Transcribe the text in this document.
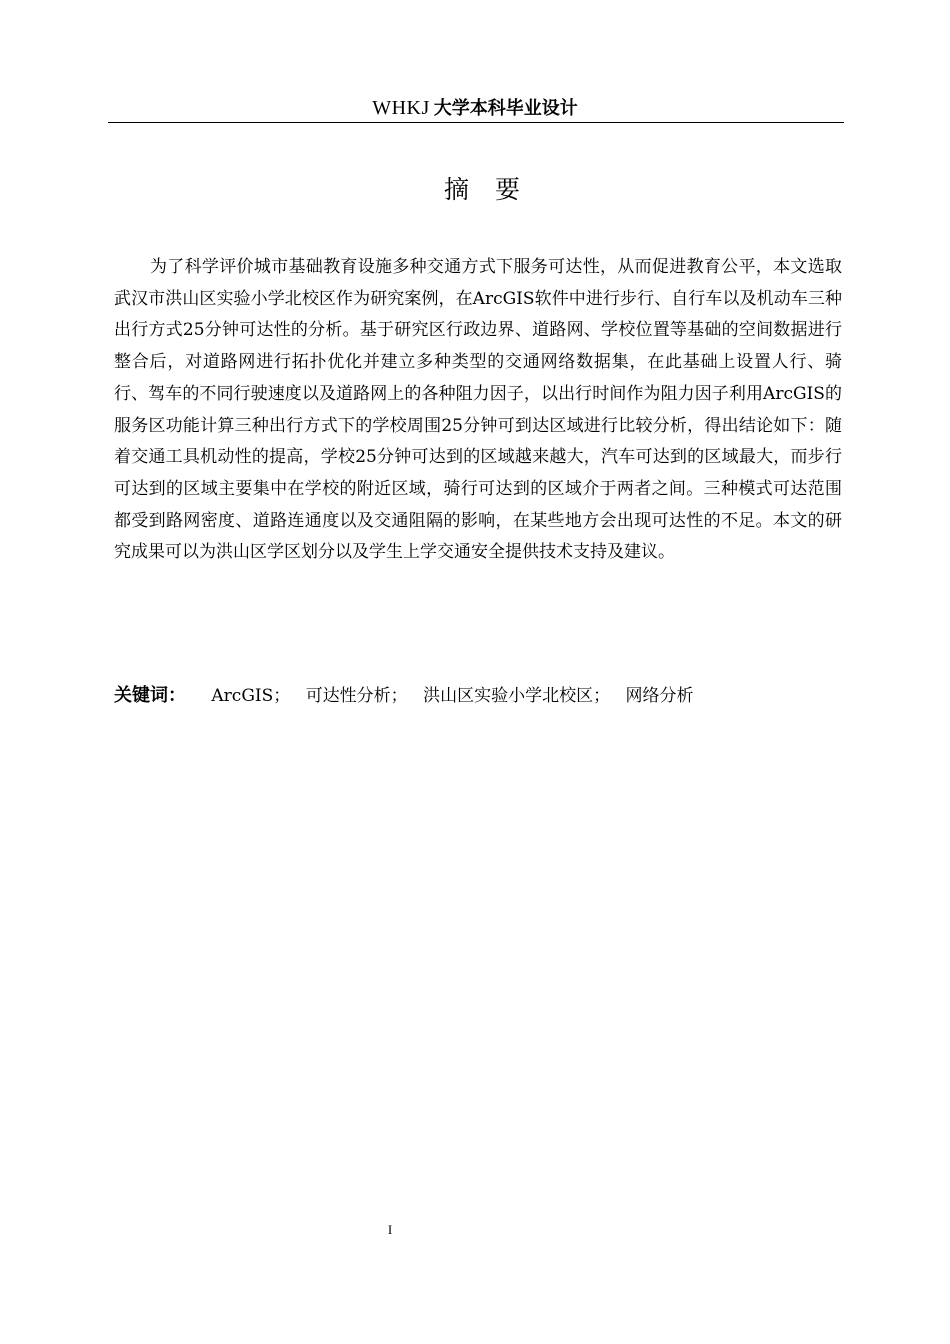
WHKJ 大学本科毕业设计
摘要
为了科学评价城市基础教育设施多种交通方式下服务可达性，从而促进教育公平，本文选取武汉市洪山区实验小学北校区作为研究案例，在ArcGIS软件中进行步行、自行车以及机动车三种出行方式25分钟可达性的分析。基于研究区行政边界、道路网、学校位置等基础的空间数据进行整合后，对道路网进行拓扑优化并建立多种类型的交通网络数据集，在此基础上设置人行、骑行、驾车的不同行驶速度以及道路网上的各种阻力因子，以出行时间作为阻力因子利用ArcGIS的服务区功能计算三种出行方式下的学校周围25分钟可到达区域进行比较分析，得出结论如下：随着交通工具机动性的提高，学校25分钟可达到的区域越来越大，汽车可达到的区域最大，而步行可达到的区域主要集中在学校的附近区域，骑行可达到的区域介于两者之间。三种模式可达范围都受到路网密度、道路连通度以及交通阻隔的影响，在某些地方会出现可达性的不足。本文的研究成果可以为洪山区学区划分以及学生上学交通安全提供技术支持及建议。
关键词： ArcGIS； 可达性分析； 洪山区实验小学北校区； 网络分析
I
